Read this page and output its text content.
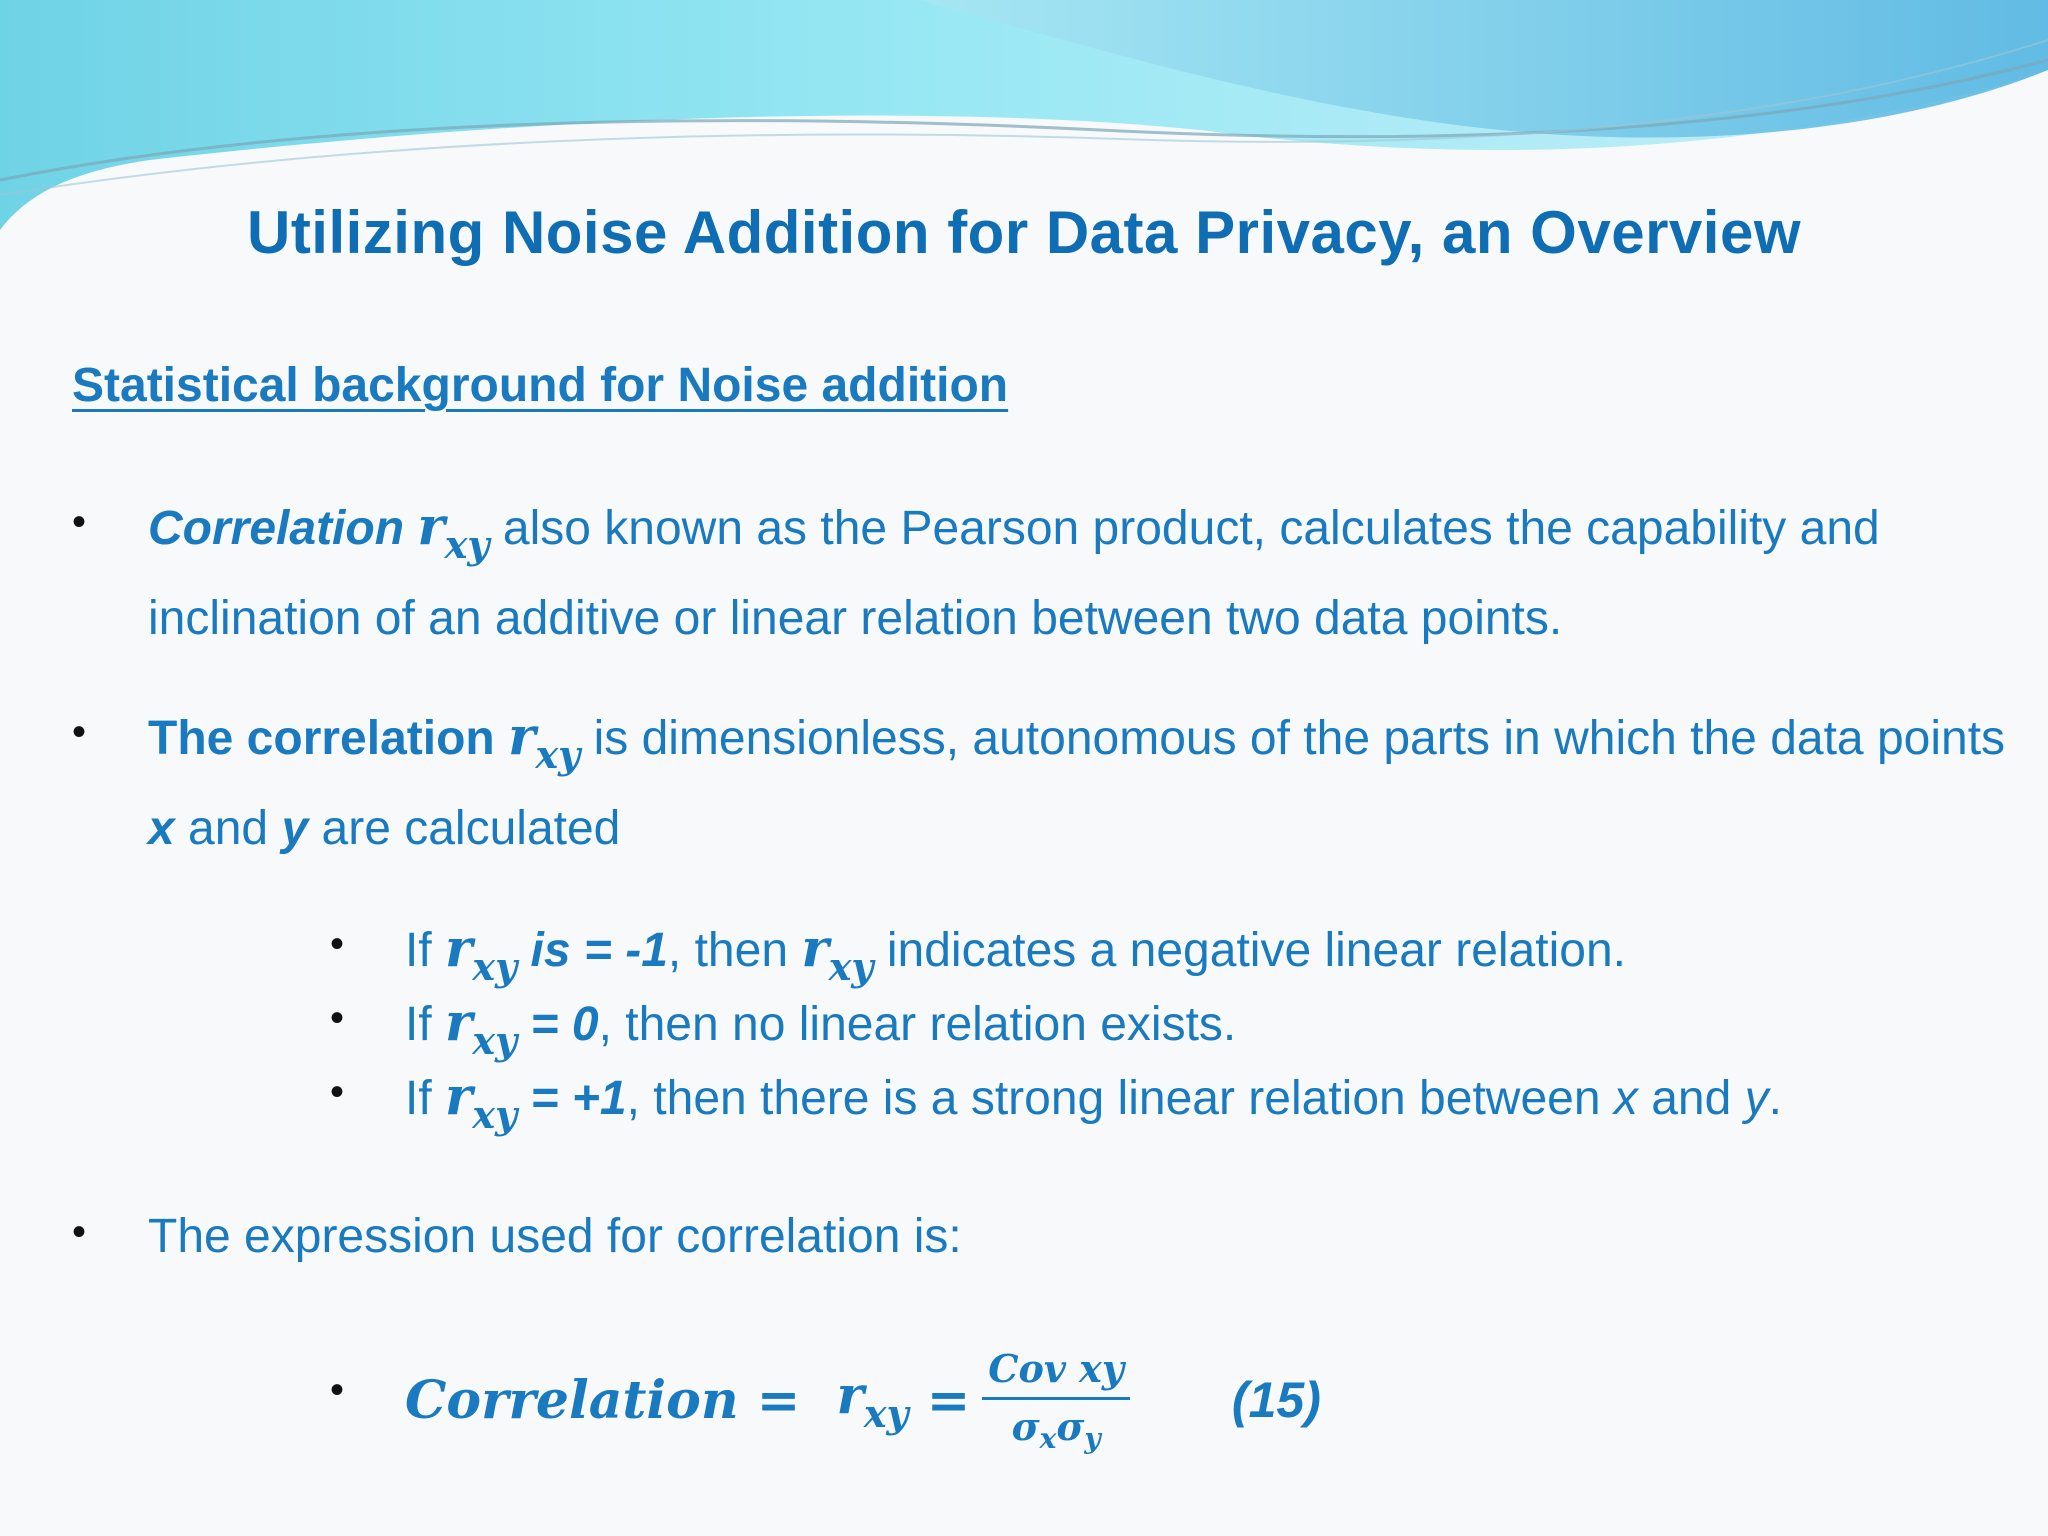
Utilizing Noise Addition for Data Privacy, an Overview
Statistical background for Noise addition
• Correlation $r_{xy}$ also known as the Pearson product, calculates the capability and inclination of an additive or linear relation between two data points.
• The correlation $r_{xy}$ is dimensionless, autonomous of the parts in which the data points x and y are calculated
• If $r_{xy}$ is = -1, then $r_{xy}$ indicates a negative linear relation.
• If $r_{xy} = 0$, then no linear relation exists.
• If $r_{xy} = +1$, then there is a strong linear relation between x and y.
• The expression used for correlation is:
• Correlation = $r_{xy} = \frac{\text{Cov xy}}{\sigma_x\sigma_y} (15)$
